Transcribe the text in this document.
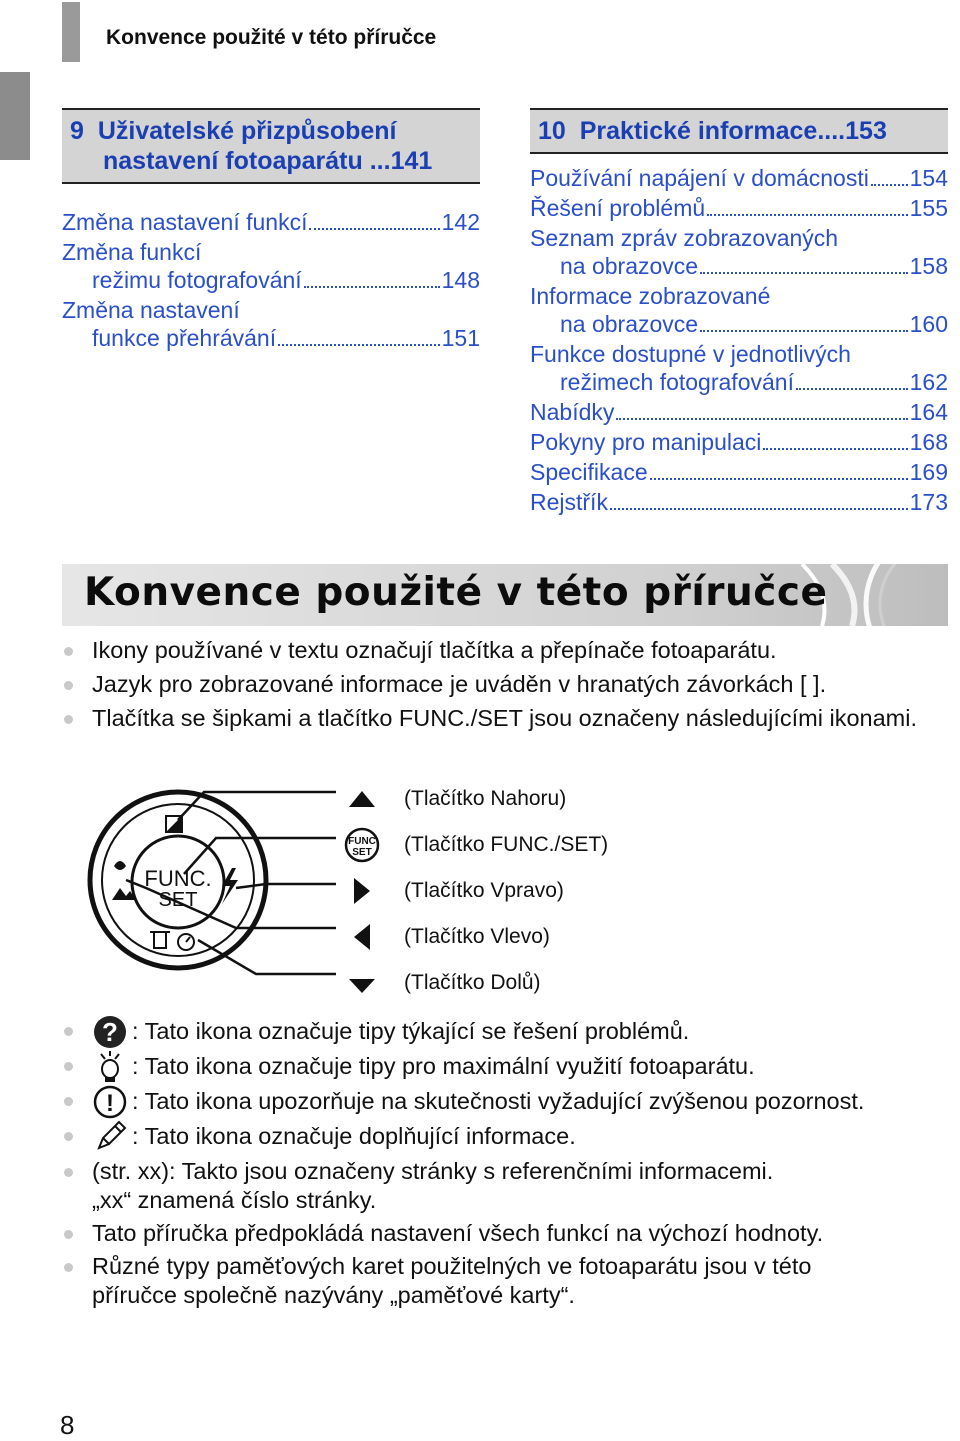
Konvence použité v této příručce
9 Uživatelské přizpůsobení
nastavení fotoaparátu ...141
Změna nastavení funkcí	142
Změna funkcí
režimu fotografování	148
Změna nastavení
funkce přehrávání	151
10 Praktické informace....153
Používání napájení v domácnosti 154
Řešení problémů	155
Seznam zpráv zobrazovaných
na obrazovce	158
Informace zobrazované
na obrazovce	160
Funkce dostupné v jednotlivých
režimech fotografování	162
Nabídky	164
Pokyny pro manipulaci	168
Specifikace	169
Rejstřík	173
Konvence použité v této příručce
Ikony používané v textu označují tlačítka a přepínače fotoaparátu.
Jazyk pro zobrazované informace je uváděn v hranatých závorkách [ ].
Tlačítka se šipkami a tlačítko FUNC./SET jsou označeny následujícími ikonami.
FUNC.
SET
(Tlačítko Nahoru)
FUNC
SET (Tlačítko FUNC./SET)
(Tlačítko Vpravo)
(Tlačítko Vlevo)
(Tlačítko Dolů)
? : Tato ikona označuje tipy týkající se řešení problémů.
: Tato ikona označuje tipy pro maximální využití fotoaparátu.
! : Tato ikona upozorňuje na skutečnosti vyžadující zvýšenou pozornost.
: Tato ikona označuje doplňující informace.
(str. xx): Takto jsou označeny stránky s referenčními informacemi.
„xx“ znamená číslo stránky.
Tato příručka předpokládá nastavení všech funkcí na výchozí hodnoty.
Různé typy paměťových karet použitelných ve fotoaparátu jsou v této
příručce společně nazývány „paměťové karty“.
8
